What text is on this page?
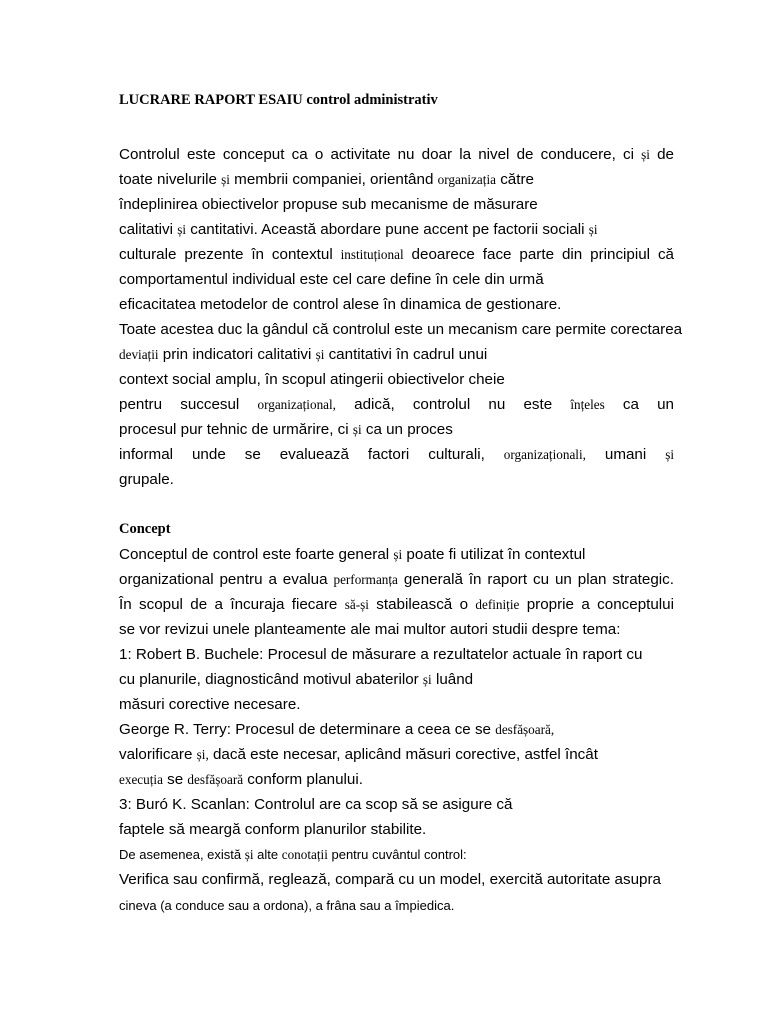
LUCRARE RAPORT ESAIU control administrativ
Controlul este conceput ca o activitate nu doar la nivel de conducere, ci și de
toate nivelurile și membrii companiei, orientând organizația către
îndeplinirea obiectivelor propuse sub mecanisme de măsurare
calitativi și cantitativi. Această abordare pune accent pe factorii sociali și
culturale prezente în contextul instituțional deoarece face parte din principiul că
comportamentul individual este cel care define în cele din urmă
eficacitatea metodelor de control alese în dinamica de gestionare.
Toate acestea duc la gândul că controlul este un mecanism care permite corectarea
deviații prin indicatori calitativi și cantitativi în cadrul unui
context social amplu, în scopul atingerii obiectivelor cheie
pentru succesul organizațional, adică, controlul nu este înțeles ca un
procesul pur tehnic de urmărire, ci și ca un proces
informal unde se evaluează factori culturali, organizaționali, umani și
grupale.
Concept
Conceptul de control este foarte general și poate fi utilizat în contextul
organizational pentru a evalua performanța generală în raport cu un plan strategic.
În scopul de a încuraja fiecare să-și stabilească o definiție proprie a conceptului
se vor revizui unele planteamente ale mai multor autori studii despre tema:
1: Robert B. Buchele: Procesul de măsurare a rezultatelor actuale în raport cu
cu planurile, diagnosticând motivul abaterilor și luând
măsuri corective necesare.
George R. Terry: Procesul de determinare a ceea ce se desfășoară,
valorificare și, dacă este necesar, aplicând măsuri corective, astfel încât
execuția se desfășoară conform planului.
3: Buró K. Scanlan: Controlul are ca scop să se asigure că
faptele să meargă conform planurilor stabilite.
De asemenea, există și alte conotații pentru cuvântul control:
Verifica sau confirmă, reglează, compară cu un model, exercită autoritate asupra
cineva (a conduce sau a ordona), a frâna sau a împiedica.
